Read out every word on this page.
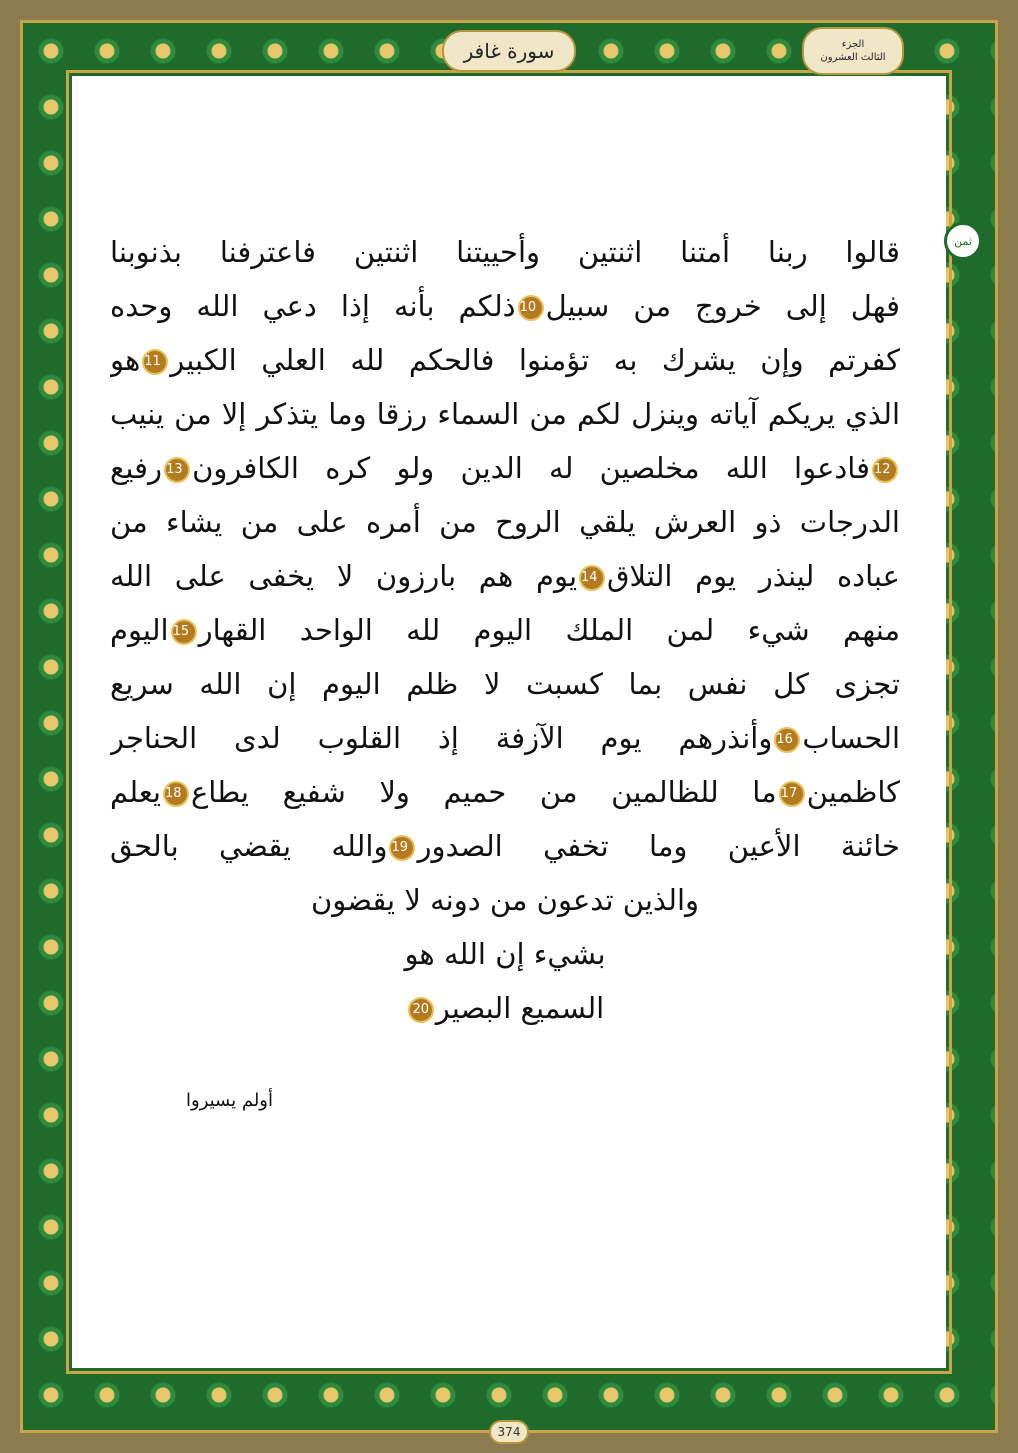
سورة غافر	الجزء
الثالث العشرون
ثمن
قالوا ربنا أمتنا اثنتين وأحييتنا اثنتين فاعترفنا بذنوبنا
فهل إلى خروج من سبيل10ذلكم بأنه إذا دعي الله وحده
كفرتم وإن يشرك به تؤمنوا فالحكم لله العلي الكبير11هو
الذي يريكم آياته وينزل لكم من السماء رزقا وما يتذكر إلا من ينيب
12فادعوا الله مخلصين له الدين ولو كره الكافرون13رفيع
الدرجات ذو العرش يلقي الروح من أمره على من يشاء من
عباده لينذر يوم التلاق14يوم هم بارزون لا يخفى على الله
منهم شيء لمن الملك اليوم لله الواحد القهار15اليوم
تجزى كل نفس بما كسبت لا ظلم اليوم إن الله سريع
الحساب16وأنذرهم يوم الآزفة إذ القلوب لدى الحناجر
كاظمين17ما للظالمين من حميم ولا شفيع يطاع18يعلم
خائنة الأعين وما تخفي الصدور19والله يقضي بالحق
والذين تدعون من دونه لا يقضون
بشيء إن الله هو
السميع البصير20
أولم يسيروا
374
